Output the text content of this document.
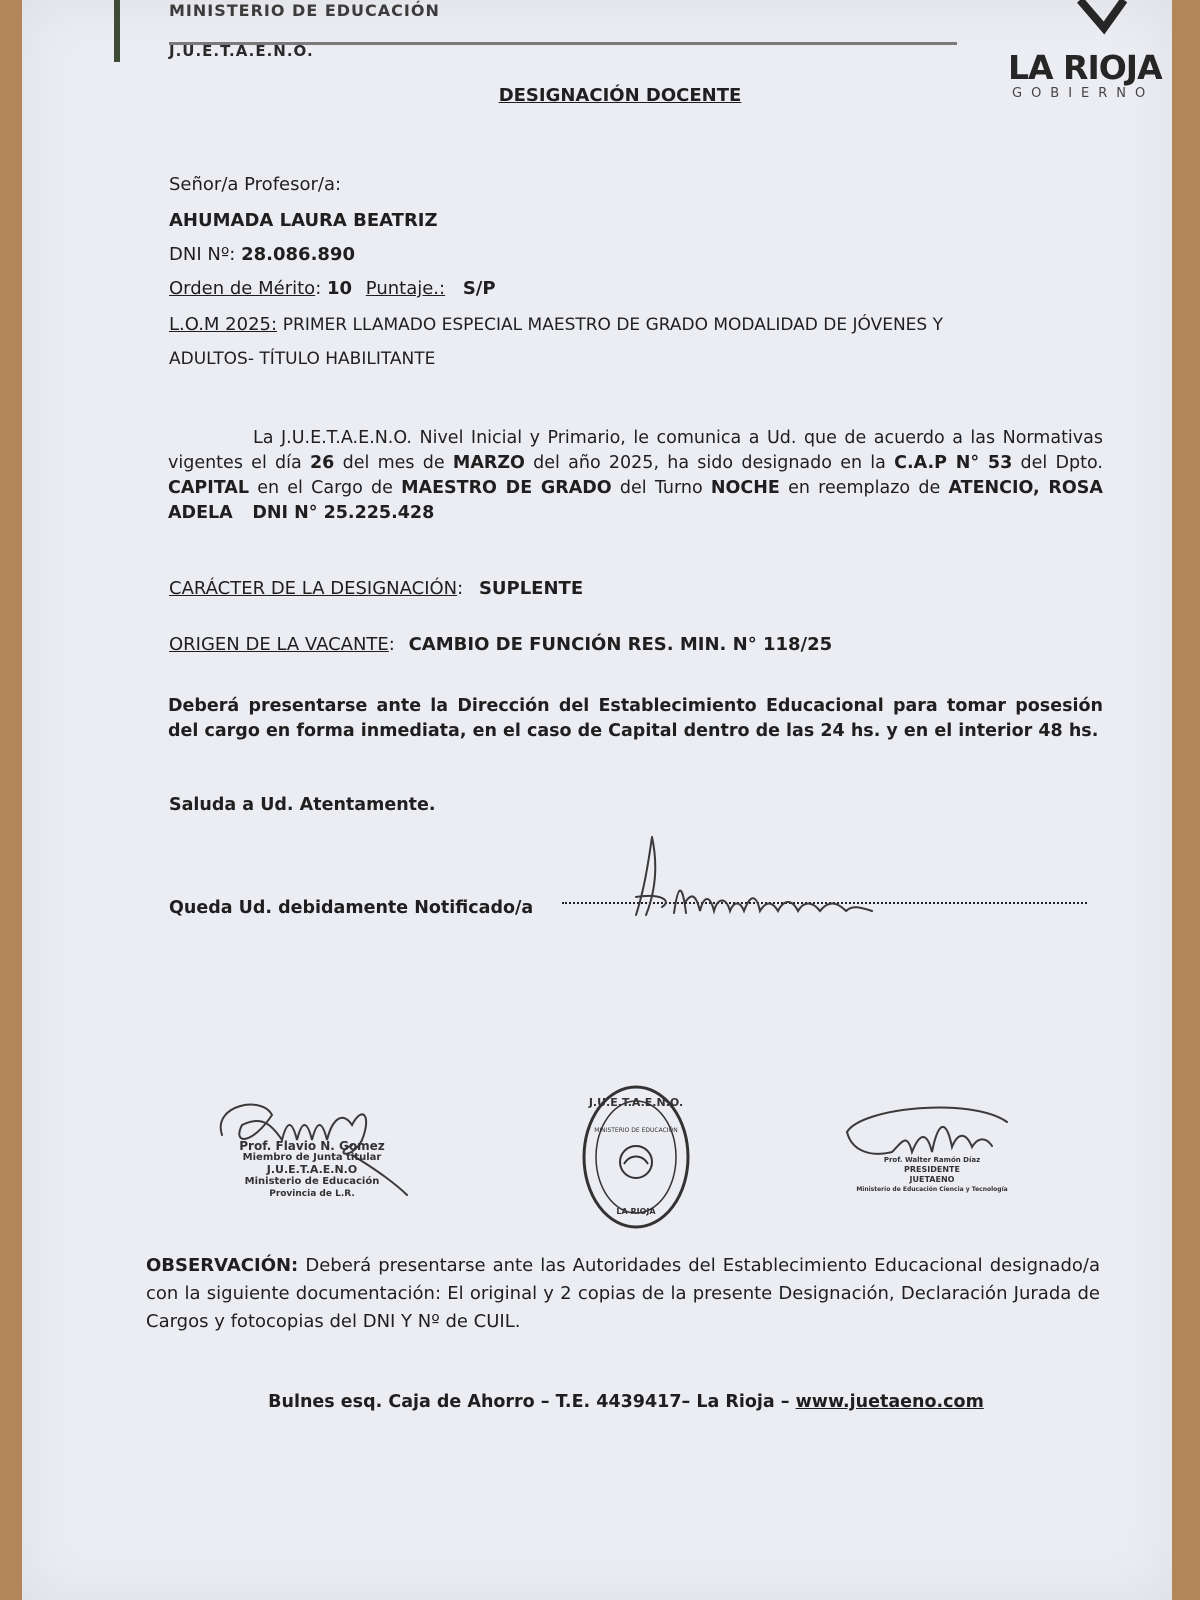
MINISTERIO DE EDUCACIÓN
J.U.E.T.A.E.N.O.	LA RIOJA
GOBIERNO
DESIGNACIÓN DOCENTE
Señor/a Profesor/a:
AHUMADA LAURA BEATRIZ
DNI Nº: 28.086.890
Orden de Mérito: 10 Puntaje.: S/P
L.O.M 2025: PRIMER LLAMADO ESPECIAL MAESTRO DE GRADO MODALIDAD DE JÓVENES Y
ADULTOS- TÍTULO HABILITANTE
La J.U.E.T.A.E.N.O. Nivel Inicial y Primario, le comunica a Ud. que de acuerdo a las Normativas vigentes el día 26 del mes de MARZO del año 2025, ha sido designado en la C.A.P N° 53 del Dpto. CAPITAL en el Cargo de MAESTRO DE GRADO del Turno NOCHE en reemplazo de ATENCIO, ROSA ADELA DNI N° 25.225.428
CARÁCTER DE LA DESIGNACIÓN: SUPLENTE
ORIGEN DE LA VACANTE: CAMBIO DE FUNCIÓN RES. MIN. N° 118/25
Deberá presentarse ante la Dirección del Establecimiento Educacional para tomar posesión del cargo en forma inmediata, en el caso de Capital dentro de las 24 hs. y en el interior 48 hs.
Saluda a Ud. Atentamente.
Queda Ud. debidamente Notificado/a
Prof. Flavio N. Gomez
Miembro de Junta titular
J.U.E.T.A.E.N.O
Ministerio de Educación
Provincia de L.R.
J.U.E.T.A.E.N.O.
MINISTERIO DE EDUCACIÓN
LA RIOJA
Prof. Walter Ramón Díaz
PRESIDENTE
JUETAENO
Ministerio de Educación Ciencia y Tecnología
OBSERVACIÓN: Deberá presentarse ante las Autoridades del Establecimiento Educacional designado/a con la siguiente documentación: El original y 2 copias de la presente Designación, Declaración Jurada de Cargos y fotocopias del DNI Y Nº de CUIL.
Bulnes esq. Caja de Ahorro – T.E. 4439417– La Rioja – www.juetaeno.com
